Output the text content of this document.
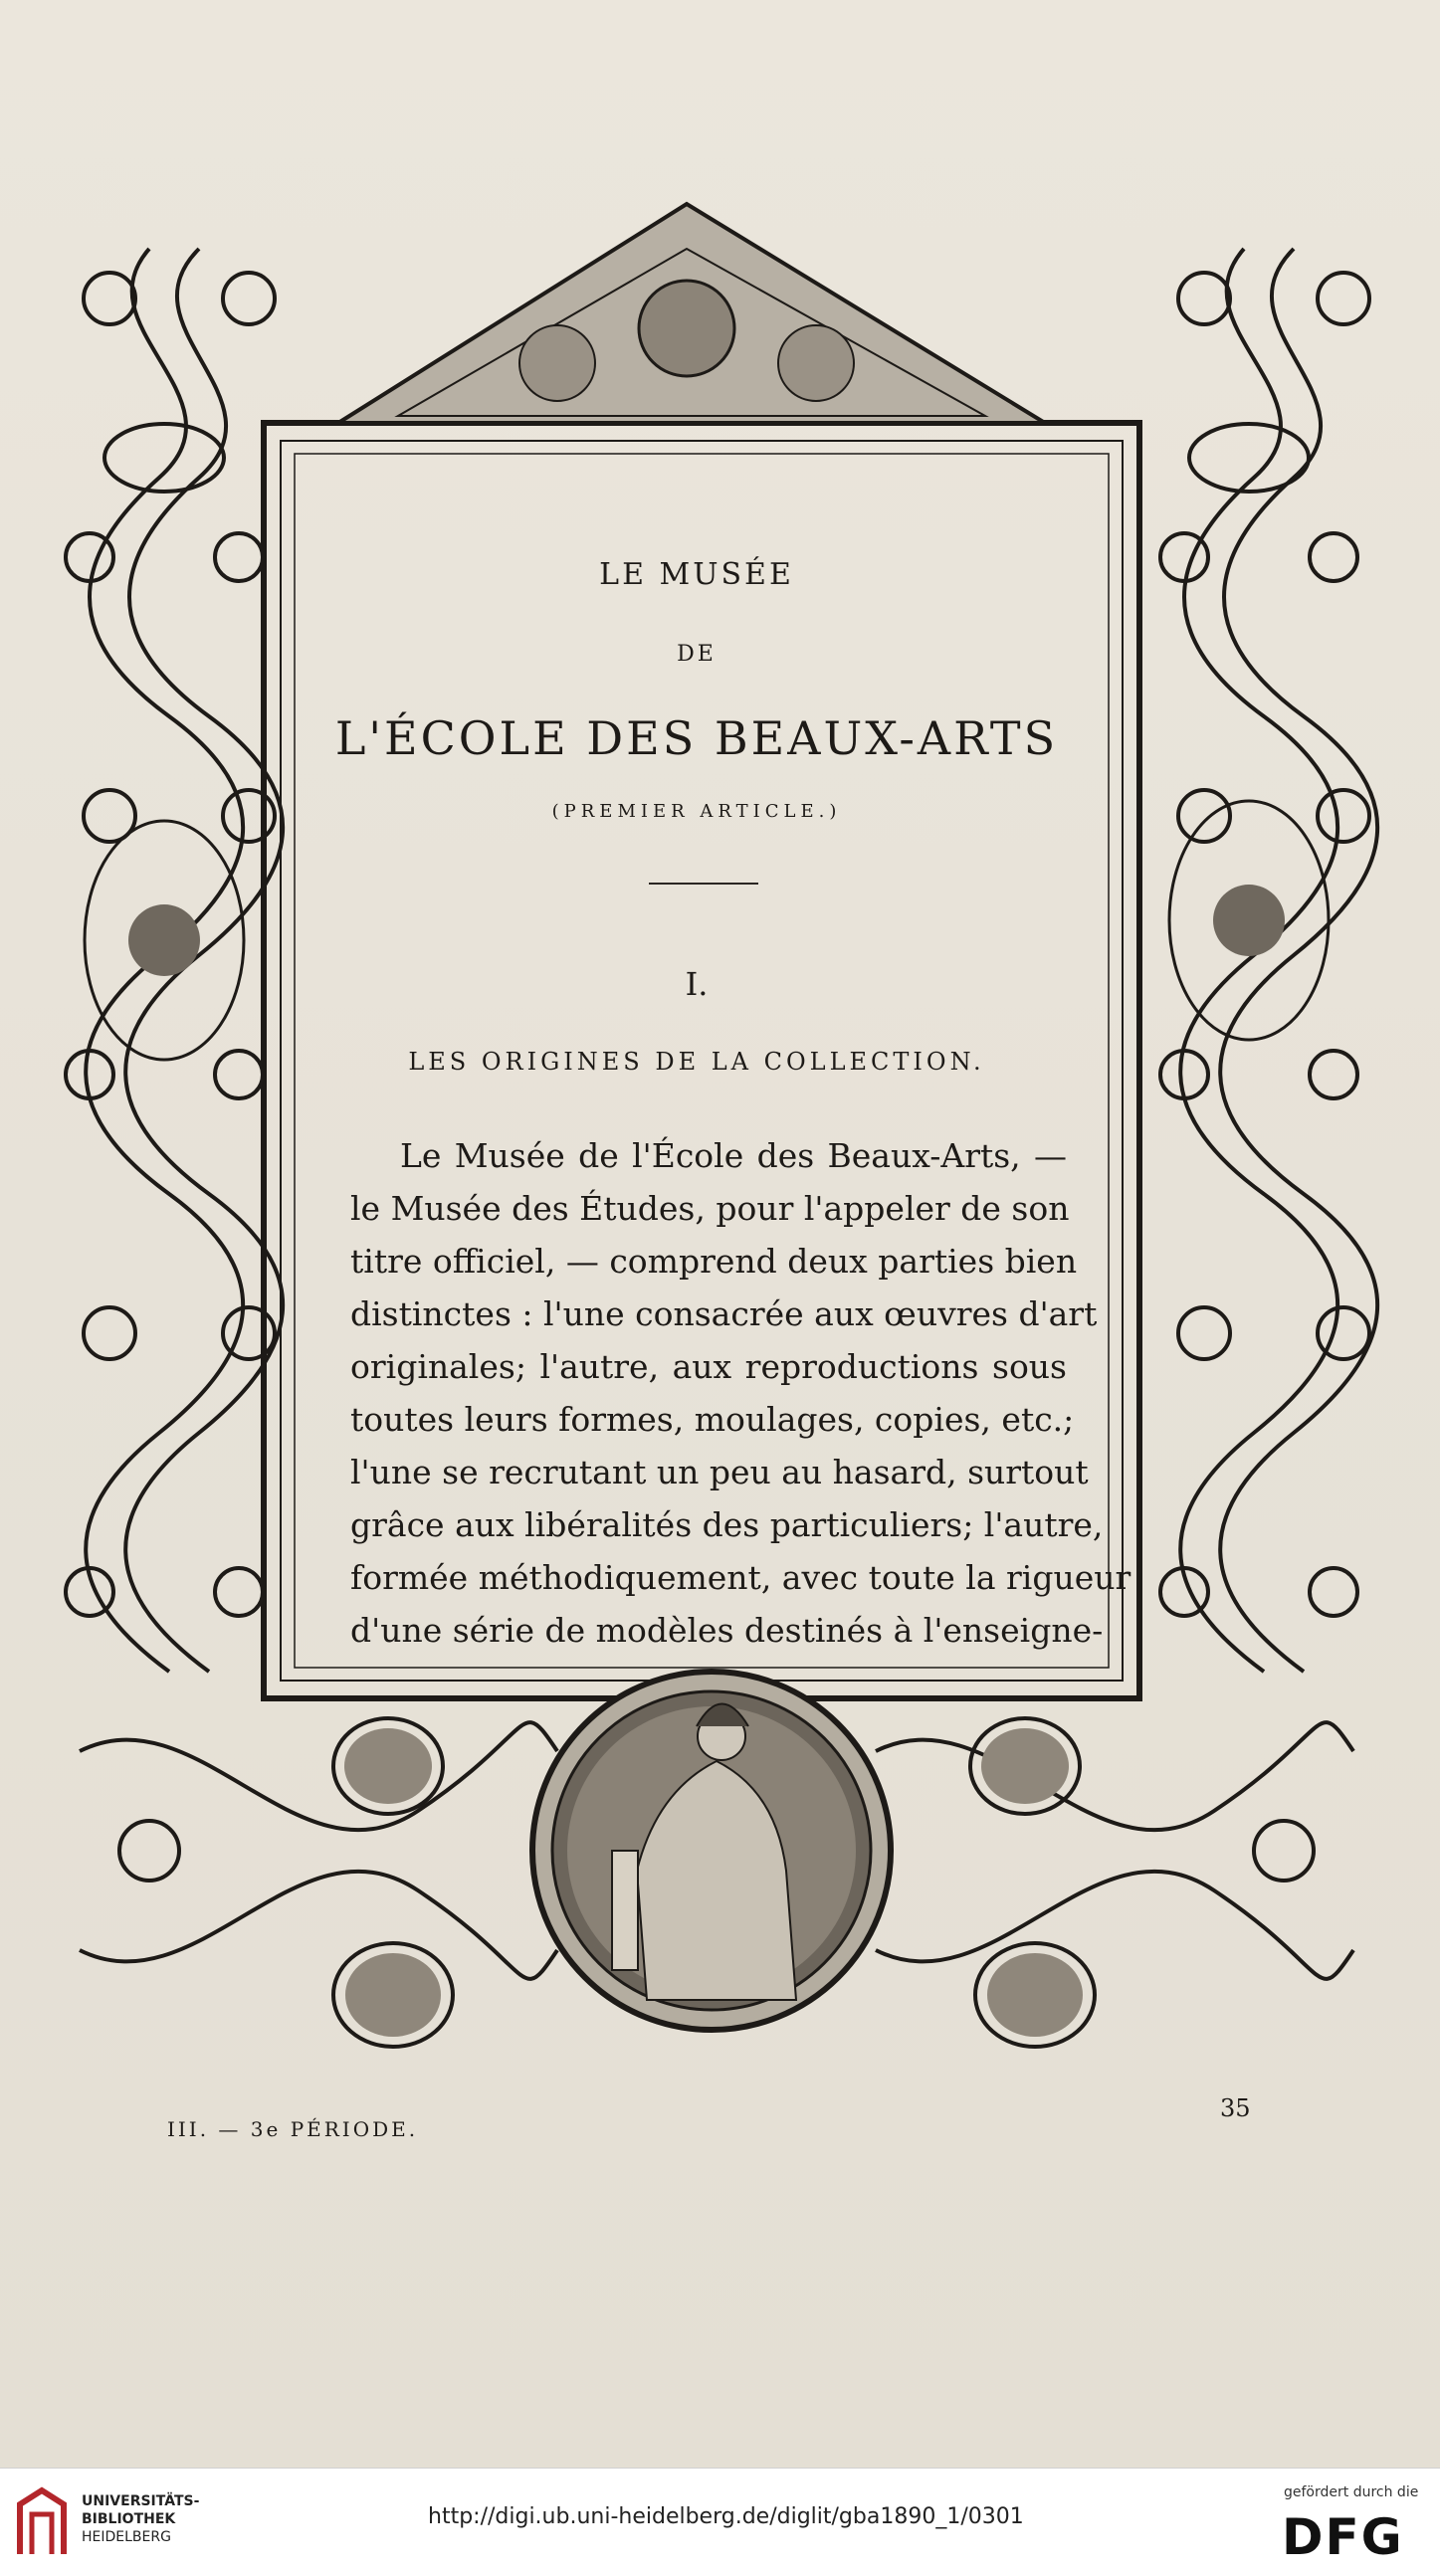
LE MUSÉE
DE
L'ÉCOLE DES BEAUX-ARTS
(PREMIER ARTICLE.)
I.
LES ORIGINES DE LA COLLECTION.
Le Musée de l'École des Beaux-Arts, —
le Musée des Études, pour l'appeler de son
titre officiel, — comprend deux parties bien
distinctes : l'une consacrée aux œuvres d'art
originales; l'autre, aux reproductions sous
toutes leurs formes, moulages, copies, etc.;
l'une se recrutant un peu au hasard, surtout
grâce aux libéralités des particuliers; l'autre,
formée méthodiquement, avec toute la rigueur
d'une série de modèles destinés à l'enseigne-
III. — 3e PÉRIODE.
35
UNIVERSITÄTS-
BIBLIOTHEK
HEIDELBERG
http://digi.ub.uni-heidelberg.de/diglit/gba1890_1/0301
gefördert durch die
DFG
